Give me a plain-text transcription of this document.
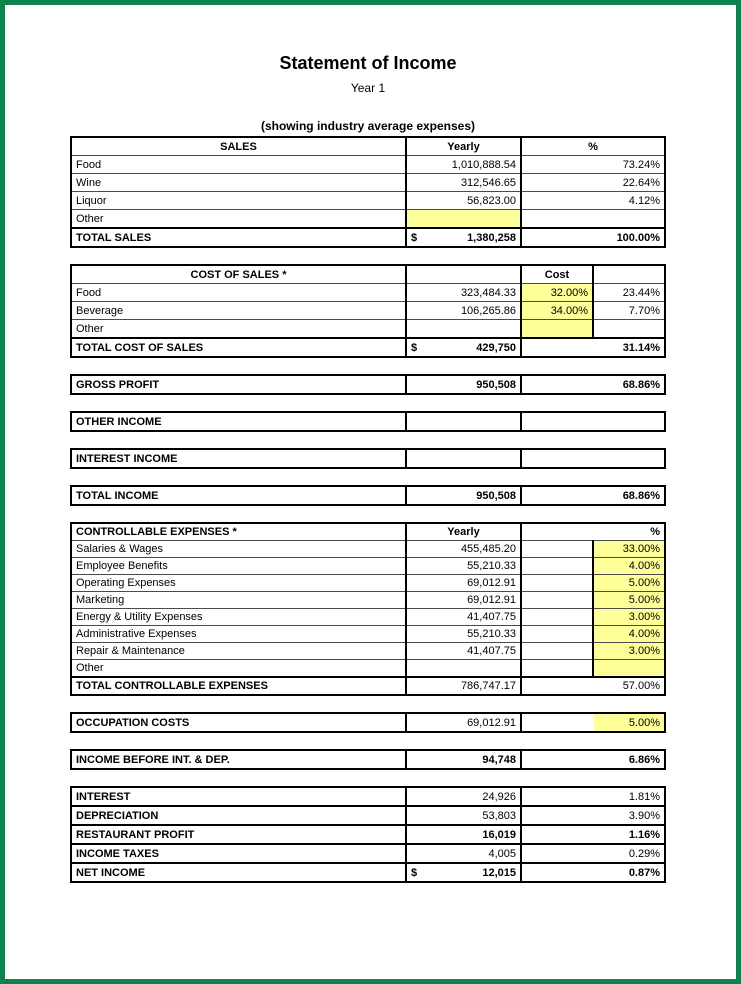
Statement of Income
Year 1
(showing industry average expenses)
SALES	Yearly	%
Food	1,010,888.54	73.24%
Wine	312,546.65	22.64%
Liquor	56,823.00	4.12%
Other		
TOTAL SALES	$ 1,380,258	100.00%
COST OF SALES *		Cost	
Food	323,484.33	32.00%	23.44%
Beverage	106,265.86	34.00%	7.70%
Other			
TOTAL COST OF SALES	$ 429,750	31.14%	
GROSS PROFIT	950,508	68.86%
OTHER INCOME		
INTEREST INCOME		
TOTAL INCOME	950,508	68.86%
CONTROLLABLE EXPENSES *	Yearly	%	
Salaries & Wages	455,485.20		33.00%
Employee Benefits	55,210.33		4.00%
Operating Expenses	69,012.91		5.00%
Marketing	69,012.91		5.00%
Energy & Utility Expenses	41,407.75		3.00%
Administrative Expenses	55,210.33		4.00%
Repair & Maintenance	41,407.75		3.00%
Other			
TOTAL CONTROLLABLE EXPENSES	786,747.17	57.00%	
OCCUPATION COSTS	69,012.91	5.00%
INCOME BEFORE INT. & DEP.	94,748	6.86%
INTEREST	24,926	1.81%
DEPRECIATION	53,803	3.90%
RESTAURANT PROFIT	16,019	1.16%
INCOME TAXES	4,005	0.29%
NET INCOME	$ 12,015	0.87%
